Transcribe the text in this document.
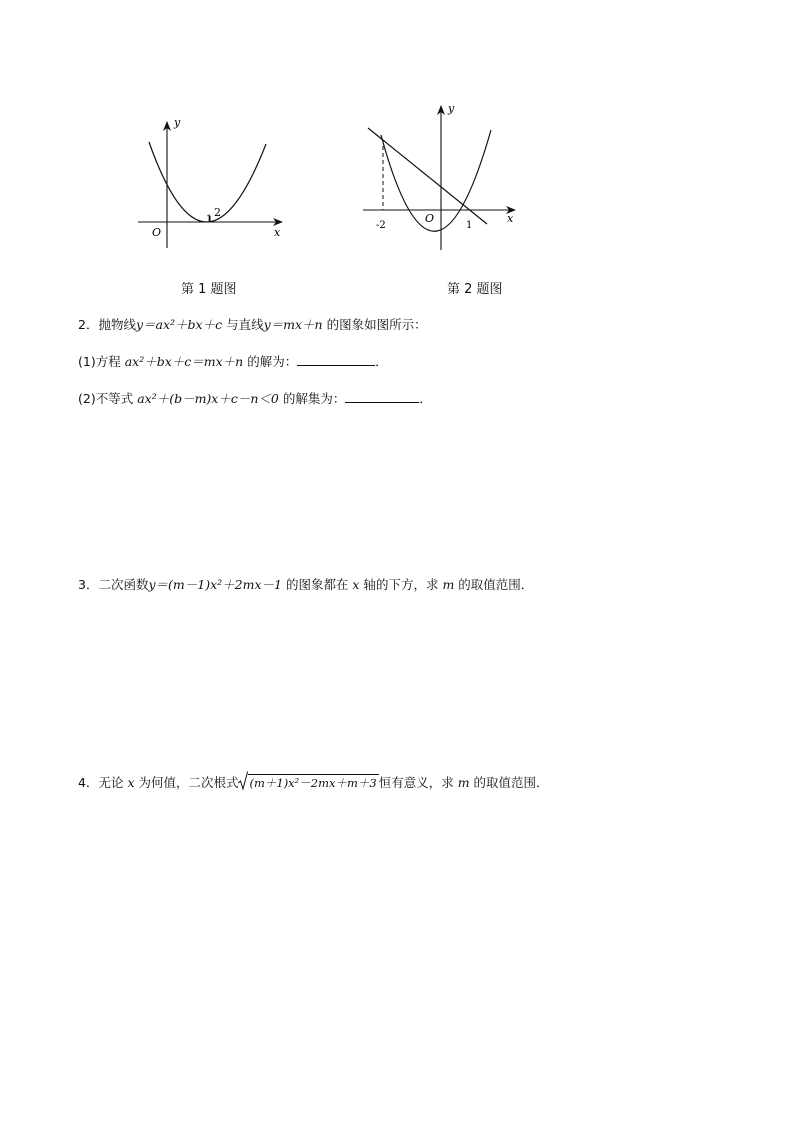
y
x
O
1
2
第 1 题图
y
x
O
-2	1
第 2 题图
2．抛物线y＝ax²＋bx＋c 与直线y＝mx＋n 的图象如图所示：
(1)方程 ax²＋bx＋c＝mx＋n 的解为：	．
(2)不等式 ax²＋(b－m)x＋c－n＜0 的解集为：	．
3．二次函数y＝(m－1)x²＋2mx－1 的图象都在 x 轴的下方，求 m 的取值范围．
4．无论 x 为何值，二次根式 (m＋1)x²－2mx＋m＋3 恒有意义，求 m 的取值范围．
